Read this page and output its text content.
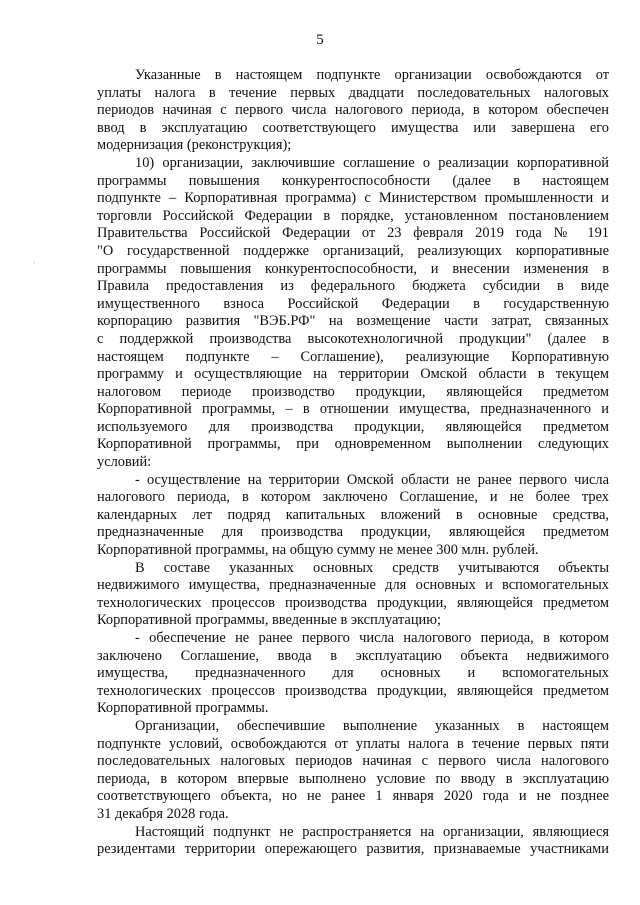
5
Указанные в настоящем подпункте организации освобождаются от
уплаты налога в течение первых двадцати последовательных налоговых
периодов начиная с первого числа налогового периода, в котором обеспечен
ввод в эксплуатацию соответствующего имущества или завершена его
модернизация (реконструкция);
10) организации, заключившие соглашение о реализации корпоративной
программы повышения конкурентоспособности (далее в настоящем
подпункте – Корпоративная программа) с Министерством промышленности и
торговли Российской Федерации в порядке, установленном постановлением
Правительства Российской Федерации от 23 февраля 2019 года № 191
"О государственной поддержке организаций, реализующих корпоративные
программы повышения конкурентоспособности, и внесении изменения в
Правила предоставления из федерального бюджета субсидии в виде
имущественного взноса Российской Федерации в государственную
корпорацию развития "ВЭБ.РФ" на возмещение части затрат, связанных
с поддержкой производства высокотехнологичной продукции" (далее в
настоящем подпункте – Соглашение), реализующие Корпоративную
программу и осуществляющие на территории Омской области в текущем
налоговом периоде производство продукции, являющейся предметом
Корпоративной программы, – в отношении имущества, предназначенного и
используемого для производства продукции, являющейся предметом
Корпоративной программы, при одновременном выполнении следующих
условий:
- осуществление на территории Омской области не ранее первого числа
налогового периода, в котором заключено Соглашение, и не более трех
календарных лет подряд капитальных вложений в основные средства,
предназначенные для производства продукции, являющейся предметом
Корпоративной программы, на общую сумму не менее 300 млн. рублей.
В составе указанных основных средств учитываются объекты
недвижимого имущества, предназначенные для основных и вспомогательных
технологических процессов производства продукции, являющейся предметом
Корпоративной программы, введенные в эксплуатацию;
- обеспечение не ранее первого числа налогового периода, в котором
заключено Соглашение, ввода в эксплуатацию объекта недвижимого
имущества, предназначенного для основных и вспомогательных
технологических процессов производства продукции, являющейся предметом
Корпоративной программы.
Организации, обеспечившие выполнение указанных в настоящем
подпункте условий, освобождаются от уплаты налога в течение первых пяти
последовательных налоговых периодов начиная с первого числа налогового
периода, в котором впервые выполнено условие по вводу в эксплуатацию
соответствующего объекта, но не ранее 1 января 2020 года и не позднее
31 декабря 2028 года.
Настоящий подпункт не распространяется на организации, являющиеся
резидентами территории опережающего развития, признаваемые участниками
